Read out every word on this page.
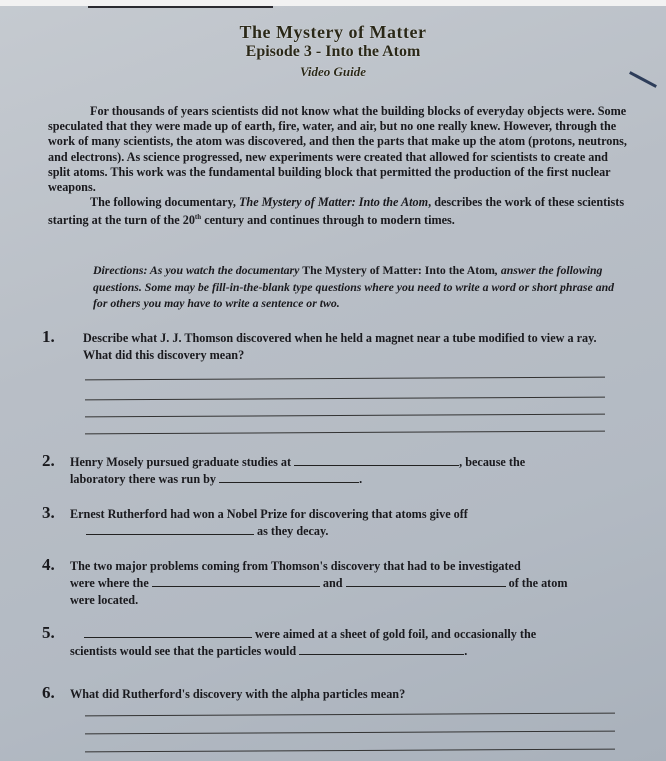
The Mystery of Matter
Episode 3 - Into the Atom
Video Guide
For thousands of years scientists did not know what the building blocks of everyday objects were. Some speculated that they were made up of earth, fire, water, and air, but no one really knew. However, through the work of many scientists, the atom was discovered, and then the parts that make up the atom (protons, neutrons, and electrons). As science progressed, new experiments were created that allowed for scientists to create and split atoms. This work was the fundamental building block that permitted the production of the first nuclear weapons.
The following documentary, The Mystery of Matter: Into the Atom, describes the work of these scientists starting at the turn of the 20th century and continues through to modern times.
Directions: As you watch the documentary The Mystery of Matter: Into the Atom, answer the following questions. Some may be fill-in-the-blank type questions where you need to write a word or short phrase and for others you may have to write a sentence or two.
1.	Describe what J. J. Thomson discovered when he held a magnet near a tube modified to view a ray. What did this discovery mean?
2. Henry Mosely pursued graduate studies at	, because the
laboratory there was run by	.
3. Ernest Rutherford had won a Nobel Prize for discovering that atoms give off
as they decay.
4. The two major problems coming from Thomson's discovery that had to be investigated
were where the	and	of the atom
were located.
5.	were aimed at a sheet of gold foil, and occasionally the
scientists would see that the particles would	.
6. What did Rutherford's discovery with the alpha particles mean?
